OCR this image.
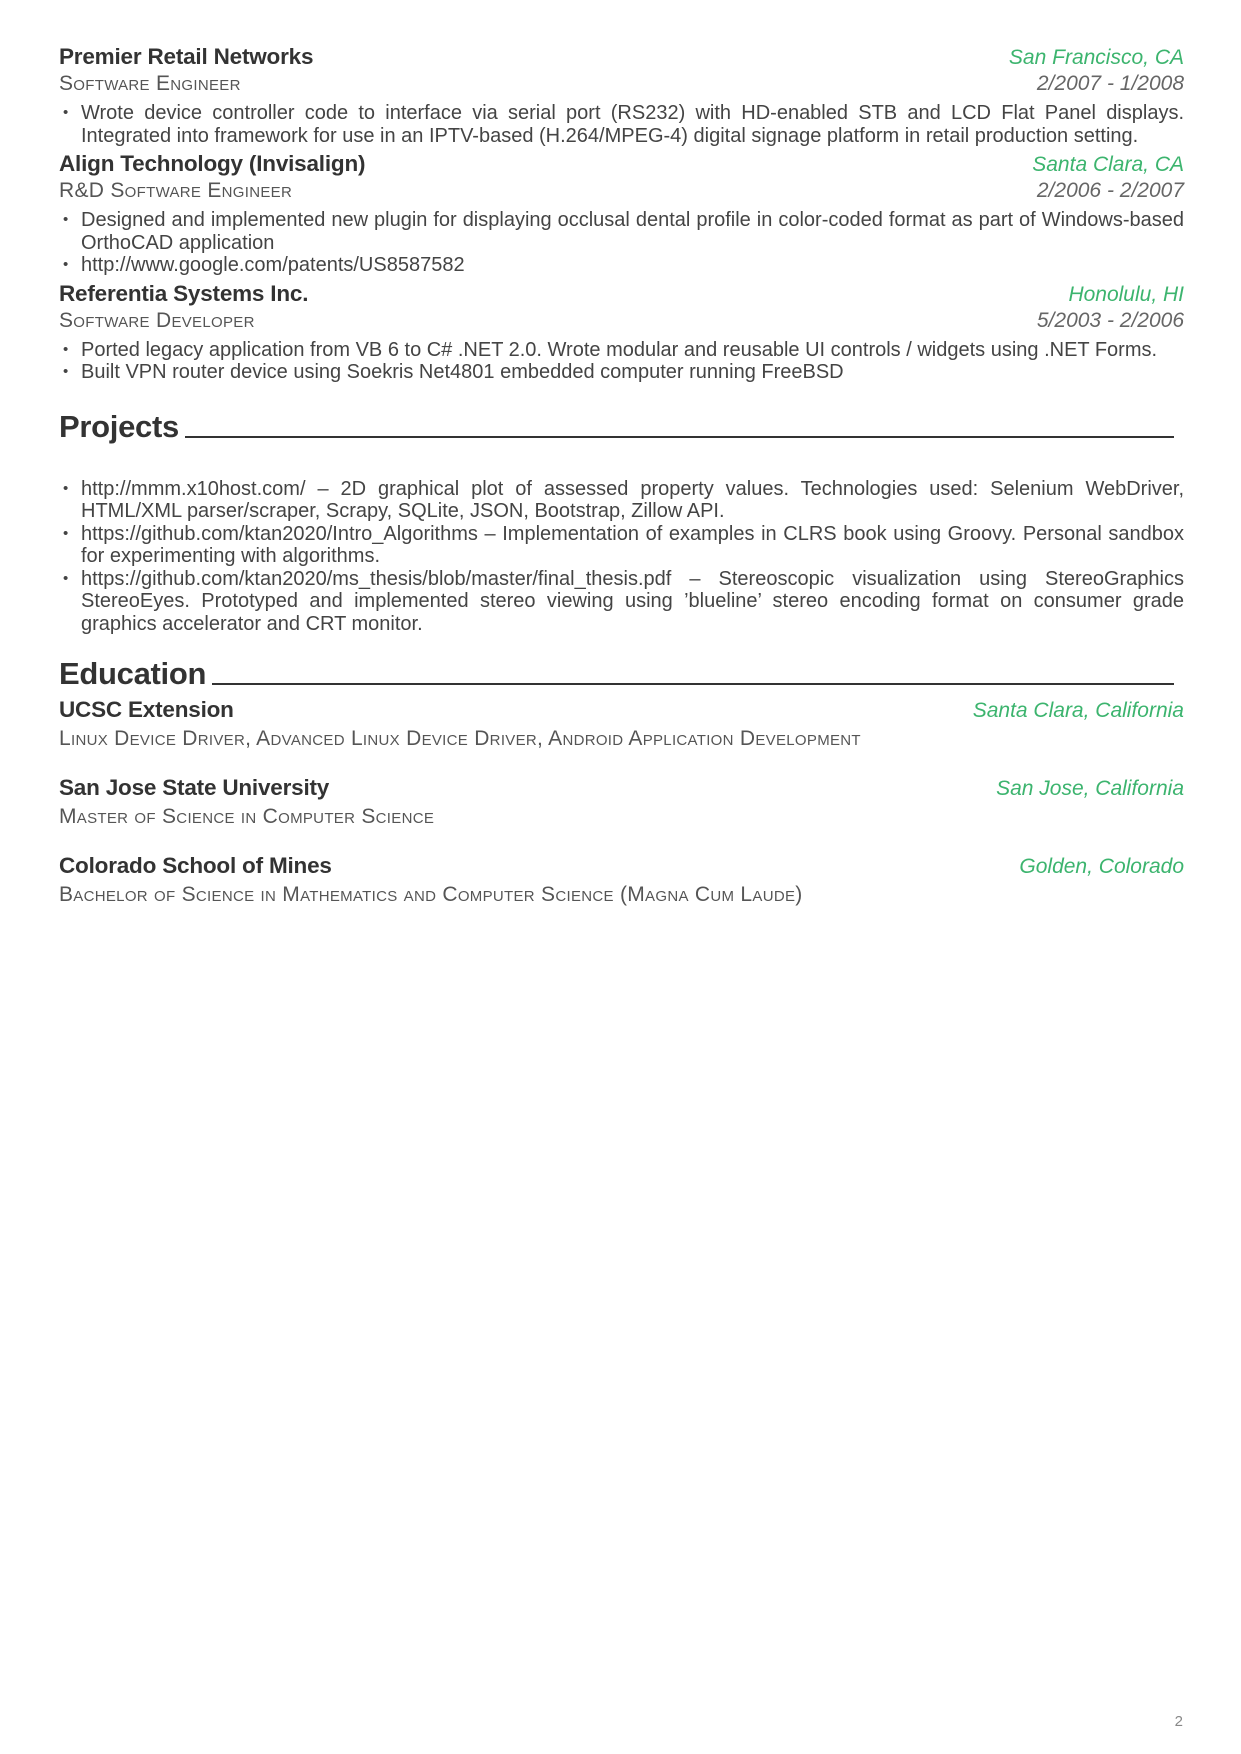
Premier Retail Networks	San Francisco, CA
Software Engineer	2/2007 - 1/2008
• Wrote device controller code to interface via serial port (RS232) with HD-enabled STB and LCD Flat Panel displays. Integrated into framework for use in an IPTV-based (H.264/MPEG-4) digital signage platform in retail production setting.
Align Technology (Invisalign)	Santa Clara, CA
R&D Software Engineer	2/2006 - 2/2007
• Designed and implemented new plugin for displaying occlusal dental profile in color-coded format as part of Windows-based OrthoCAD application
• http://www.google.com/patents/US8587582
Referentia Systems Inc.	Honolulu, HI
Software Developer	5/2003 - 2/2006
• Ported legacy application from VB 6 to C# .NET 2.0. Wrote modular and reusable UI controls / widgets using .NET Forms.
• Built VPN router device using Soekris Net4801 embedded computer running FreeBSD
Projects
• http://mmm.x10host.com/ – 2D graphical plot of assessed property values. Technologies used: Selenium WebDriver, HTML/XML parser/scraper, Scrapy, SQLite, JSON, Bootstrap, Zillow API.
• https://github.com/ktan2020/Intro_Algorithms – Implementation of examples in CLRS book using Groovy. Personal sandbox for experimenting with algorithms.
• https://github.com/ktan2020/ms_thesis/blob/master/final_thesis.pdf – Stereoscopic visualization using StereoGraphics StereoEyes. Prototyped and implemented stereo viewing using ’blueline’ stereo encoding format on consumer grade graphics accelerator and CRT monitor.
Education
UCSC Extension	Santa Clara, California
Linux Device Driver, Advanced Linux Device Driver, Android Application Development
San Jose State University	San Jose, California
Master of Science in Computer Science
Colorado School of Mines	Golden, Colorado
Bachelor of Science in Mathematics and Computer Science (Magna Cum Laude)
2
